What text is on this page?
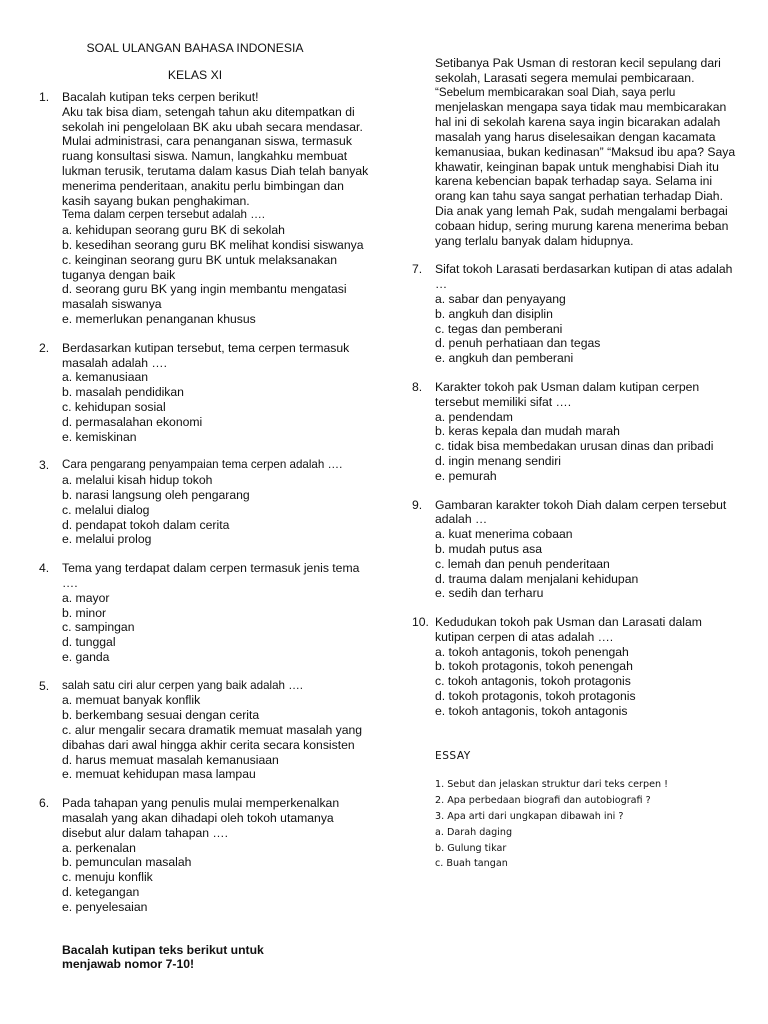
SOAL ULANGAN BAHASA INDONESIA
KELAS XI
1. Bacalah kutipan teks cerpen berikut!
Aku tak bisa diam, setengah tahun aku ditempatkan di
sekolah ini pengelolaan BK aku ubah secara mendasar.
Mulai administrasi, cara penanganan siswa, termasuk
ruang konsultasi siswa. Namun, langkahku membuat
lukman terusik, terutama dalam kasus Diah telah banyak
menerima penderitaan, anakitu perlu bimbingan dan
kasih sayang bukan penghakiman.
Tema dalam cerpen tersebut adalah ….
a. kehidupan seorang guru BK di sekolah
b. kesedihan seorang guru BK melihat kondisi siswanya
c. keinginan seorang guru BK untuk melaksanakan
tuganya dengan baik
d. seorang guru BK yang ingin membantu mengatasi
masalah siswanya
e. memerlukan penanganan khusus
2. Berdasarkan kutipan tersebut, tema cerpen termasuk
masalah adalah ….
a. kemanusiaan
b. masalah pendidikan
c. kehidupan sosial
d. permasalahan ekonomi
e. kemiskinan
3. Cara pengarang penyampaian tema cerpen adalah ….
a. melalui kisah hidup tokoh
b. narasi langsung oleh pengarang
c. melalui dialog
d. pendapat tokoh dalam cerita
e. melalui prolog
4. Tema yang terdapat dalam cerpen termasuk jenis tema
….
a. mayor
b. minor
c. sampingan
d. tunggal
e. ganda
5. salah satu ciri alur cerpen yang baik adalah ….
a. memuat banyak konflik
b. berkembang sesuai dengan cerita
c. alur mengalir secara dramatik memuat masalah yang
dibahas dari awal hingga akhir cerita secara konsisten
d. harus memuat masalah kemanusiaan
e. memuat kehidupan masa lampau
6. Pada tahapan yang penulis mulai memperkenalkan
masalah yang akan dihadapi oleh tokoh utamanya
disebut alur dalam tahapan ….
a. perkenalan
b. pemunculan masalah
c. menuju konflik
d. ketegangan
e. penyelesaian
Bacalah kutipan teks berikut untuk
menjawab nomor 7-10!
Setibanya Pak Usman di restoran kecil sepulang dari
sekolah, Larasati segera memulai pembicaraan.
“Sebelum membicarakan soal Diah, saya perlu
menjelaskan mengapa saya tidak mau membicarakan
hal ini di sekolah karena saya ingin bicarakan adalah
masalah yang harus diselesaikan dengan kacamata
kemanusiaa, bukan kedinasan” “Maksud ibu apa? Saya
khawatir, keinginan bapak untuk menghabisi Diah itu
karena kebencian bapak terhadap saya. Selama ini
orang kan tahu saya sangat perhatian terhadap Diah.
Dia anak yang lemah Pak, sudah mengalami berbagai
cobaan hidup, sering murung karena menerima beban
yang terlalu banyak dalam hidupnya.
7. Sifat tokoh Larasati berdasarkan kutipan di atas adalah
…
a. sabar dan penyayang
b. angkuh dan disiplin
c. tegas dan pemberani
d. penuh perhatiaan dan tegas
e. angkuh dan pemberani
8. Karakter tokoh pak Usman dalam kutipan cerpen
tersebut memiliki sifat ….
a. pendendam
b. keras kepala dan mudah marah
c. tidak bisa membedakan urusan dinas dan pribadi
d. ingin menang sendiri
e. pemurah
9. Gambaran karakter tokoh Diah dalam cerpen tersebut
adalah …
a. kuat menerima cobaan
b. mudah putus asa
c. lemah dan penuh penderitaan
d. trauma dalam menjalani kehidupan
e. sedih dan terharu
10. Kedudukan tokoh pak Usman dan Larasati dalam
kutipan cerpen di atas adalah ….
a. tokoh antagonis, tokoh penengah
b. tokoh protagonis, tokoh penengah
c. tokoh antagonis, tokoh protagonis
d. tokoh protagonis, tokoh protagonis
e. tokoh antagonis, tokoh antagonis
ESSAY
1. Sebut dan jelaskan struktur dari teks cerpen !
2. Apa perbedaan biografi dan autobiografi ?
3. Apa arti dari ungkapan dibawah ini ?
a. Darah daging
b. Gulung tikar
c. Buah tangan
